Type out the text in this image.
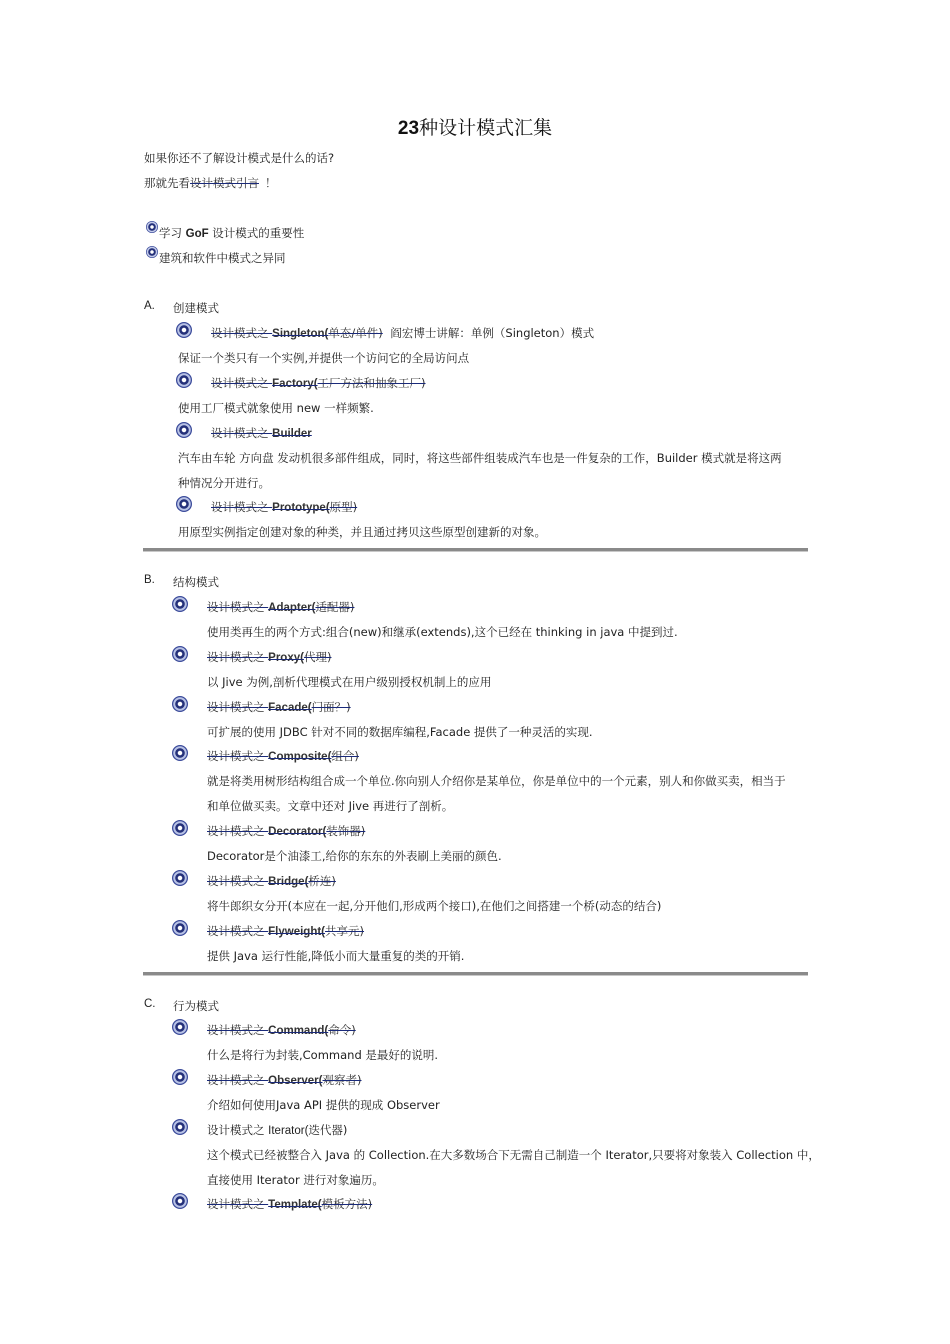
23种设计模式汇集
如果你还不了解设计模式是什么的话?
那就先看设计模式引言 ！
学习 GoF 设计模式的重要性
建筑和软件中模式之异同
A. 创建模式
设计模式之 Singleton(单态/单件) 阎宏博士讲解：单例（Singleton）模式
保证一个类只有一个实例,并提供一个访问它的全局访问点
设计模式之 Factory(工厂方法和抽象工厂)
使用工厂模式就象使用 new 一样频繁.
设计模式之 Builder
汽车由车轮 方向盘 发动机很多部件组成，同时，将这些部件组装成汽车也是一件复杂的工作，Builder 模式就是将这两
种情况分开进行。
设计模式之 Prototype(原型)
用原型实例指定创建对象的种类，并且通过拷贝这些原型创建新的对象。
B. 结构模式
设计模式之 Adapter(适配器)
使用类再生的两个方式:组合(new)和继承(extends),这个已经在 thinking in java 中提到过.
设计模式之 Proxy(代理)
以 Jive 为例,剖析代理模式在用户级别授权机制上的应用
设计模式之 Facade(门面？)
可扩展的使用 JDBC 针对不同的数据库编程,Facade 提供了一种灵活的实现.
设计模式之 Composite(组合)
就是将类用树形结构组合成一个单位.你向别人介绍你是某单位，你是单位中的一个元素，别人和你做买卖，相当于
和单位做买卖。文章中还对 Jive 再进行了剖析。
设计模式之 Decorator(装饰器)
Decorator是个油漆工,给你的东东的外表刷上美丽的颜色.
设计模式之 Bridge(桥连)
将牛郎织女分开(本应在一起,分开他们,形成两个接口),在他们之间搭建一个桥(动态的结合)
设计模式之 Flyweight(共享元)
提供 Java 运行性能,降低小而大量重复的类的开销.
C. 行为模式
设计模式之 Command(命令)
什么是将行为封装,Command 是最好的说明.
设计模式之 Observer(观察者)
介绍如何使用Java API 提供的现成 Observer
设计模式之 Iterator(迭代器)
这个模式已经被整合入 Java 的 Collection.在大多数场合下无需自己制造一个 Iterator,只要将对象装入 Collection 中，
直接使用 Iterator 进行对象遍历。
设计模式之 Template(模板方法)
